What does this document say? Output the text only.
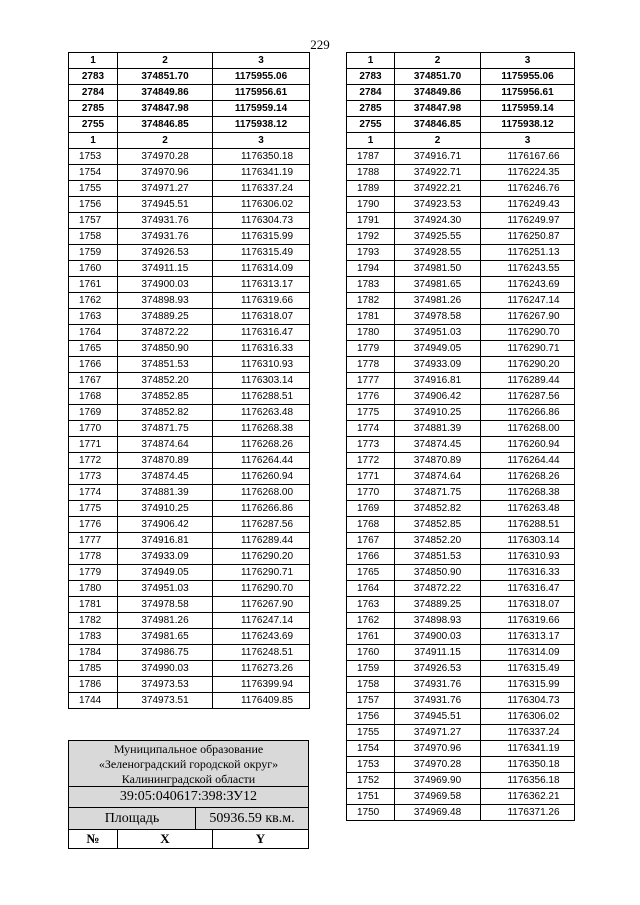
229
1	2	3
2783	374851.70	1175955.06
2784	374849.86	1175956.61
2785	374847.98	1175959.14
2755	374846.85	1175938.12
1	2	3
1753	374970.28	1176350.18
1754	374970.96	1176341.19
1755	374971.27	1176337.24
1756	374945.51	1176306.02
1757	374931.76	1176304.73
1758	374931.76	1176315.99
1759	374926.53	1176315.49
1760	374911.15	1176314.09
1761	374900.03	1176313.17
1762	374898.93	1176319.66
1763	374889.25	1176318.07
1764	374872.22	1176316.47
1765	374850.90	1176316.33
1766	374851.53	1176310.93
1767	374852.20	1176303.14
1768	374852.85	1176288.51
1769	374852.82	1176263.48
1770	374871.75	1176268.38
1771	374874.64	1176268.26
1772	374870.89	1176264.44
1773	374874.45	1176260.94
1774	374881.39	1176268.00
1775	374910.25	1176266.86
1776	374906.42	1176287.56
1777	374916.81	1176289.44
1778	374933.09	1176290.20
1779	374949.05	1176290.71
1780	374951.03	1176290.70
1781	374978.58	1176267.90
1782	374981.26	1176247.14
1783	374981.65	1176243.69
1784	374986.75	1176248.51
1785	374990.03	1176273.26
1786	374973.53	1176399.94
1744	374973.51	1176409.85
1	2	3
2783	374851.70	1175955.06
2784	374849.86	1175956.61
2785	374847.98	1175959.14
2755	374846.85	1175938.12
1	2	3
1787	374916.71	1176167.66
1788	374922.71	1176224.35
1789	374922.21	1176246.76
1790	374923.53	1176249.43
1791	374924.30	1176249.97
1792	374925.55	1176250.87
1793	374928.55	1176251.13
1794	374981.50	1176243.55
1783	374981.65	1176243.69
1782	374981.26	1176247.14
1781	374978.58	1176267.90
1780	374951.03	1176290.70
1779	374949.05	1176290.71
1778	374933.09	1176290.20
1777	374916.81	1176289.44
1776	374906.42	1176287.56
1775	374910.25	1176266.86
1774	374881.39	1176268.00
1773	374874.45	1176260.94
1772	374870.89	1176264.44
1771	374874.64	1176268.26
1770	374871.75	1176268.38
1769	374852.82	1176263.48
1768	374852.85	1176288.51
1767	374852.20	1176303.14
1766	374851.53	1176310.93
1765	374850.90	1176316.33
1764	374872.22	1176316.47
1763	374889.25	1176318.07
1762	374898.93	1176319.66
1761	374900.03	1176313.17
1760	374911.15	1176314.09
1759	374926.53	1176315.49
1758	374931.76	1176315.99
1757	374931.76	1176304.73
1756	374945.51	1176306.02
1755	374971.27	1176337.24
1754	374970.96	1176341.19
1753	374970.28	1176350.18
1752	374969.90	1176356.18
1751	374969.58	1176362.21
1750	374969.48	1176371.26
Муниципальное образование
«Зеленоградский городской округ»
Калининградской области
39:05:040617:398:ЗУ12
Площадь	50936.59 кв.м.
№	X	Y
